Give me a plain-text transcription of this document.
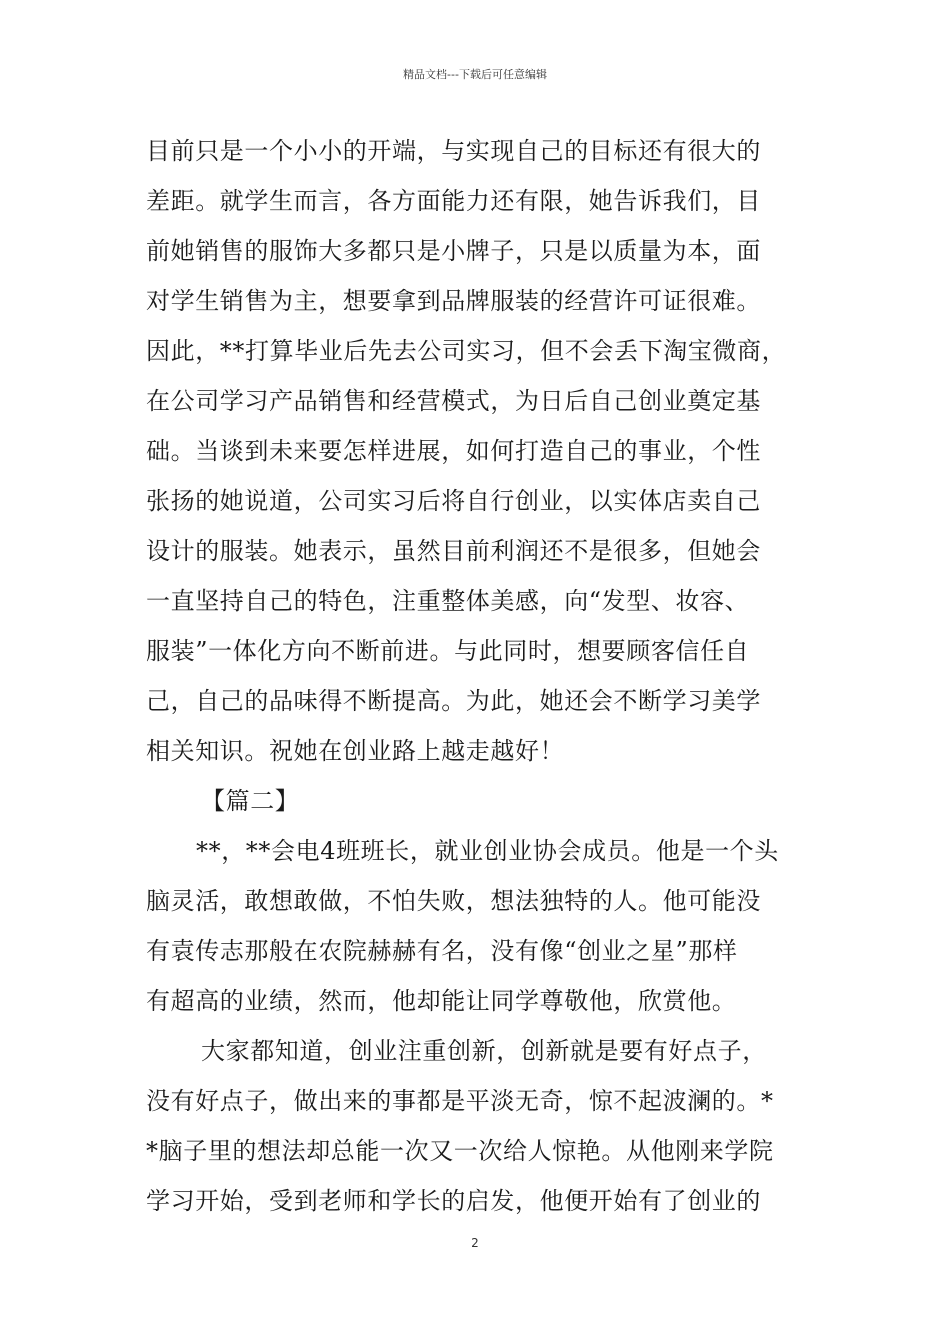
精品文档---下载后可任意编辑
目前只是一个小小的开端，与实现自己的目标还有很大的
差距。就学生而言，各方面能力还有限，她告诉我们，目
前她销售的服饰大多都只是小牌子，只是以质量为本，面
对学生销售为主，想要拿到品牌服装的经营许可证很难。
因此，**打算毕业后先去公司实习，但不会丢下淘宝微商，
在公司学习产品销售和经营模式，为日后自己创业奠定基
础。当谈到未来要怎样进展，如何打造自己的事业，个性
张扬的她说道，公司实习后将自行创业，以实体店卖自己
设计的服装。她表示，虽然目前利润还不是很多，但她会
一直坚持自己的特色，注重整体美感，向“发型、妆容、
服装”一体化方向不断前进。与此同时，想要顾客信任自
己，自己的品味得不断提高。为此，她还会不断学习美学
相关知识。祝她在创业路上越走越好！
【篇二】
**，**会电4班班长，就业创业协会成员。他是一个头
脑灵活，敢想敢做，不怕失败，想法独特的人。他可能没
有袁传志那般在农院赫赫有名，没有像“创业之星”那样
有超高的业绩，然而，他却能让同学尊敬他，欣赏他。
大家都知道，创业注重创新，创新就是要有好点子，
没有好点子，做出来的事都是平淡无奇，惊不起波澜的。*
*脑子里的想法却总能一次又一次给人惊艳。从他刚来学院
学习开始，受到老师和学长的启发，他便开始有了创业的
2
